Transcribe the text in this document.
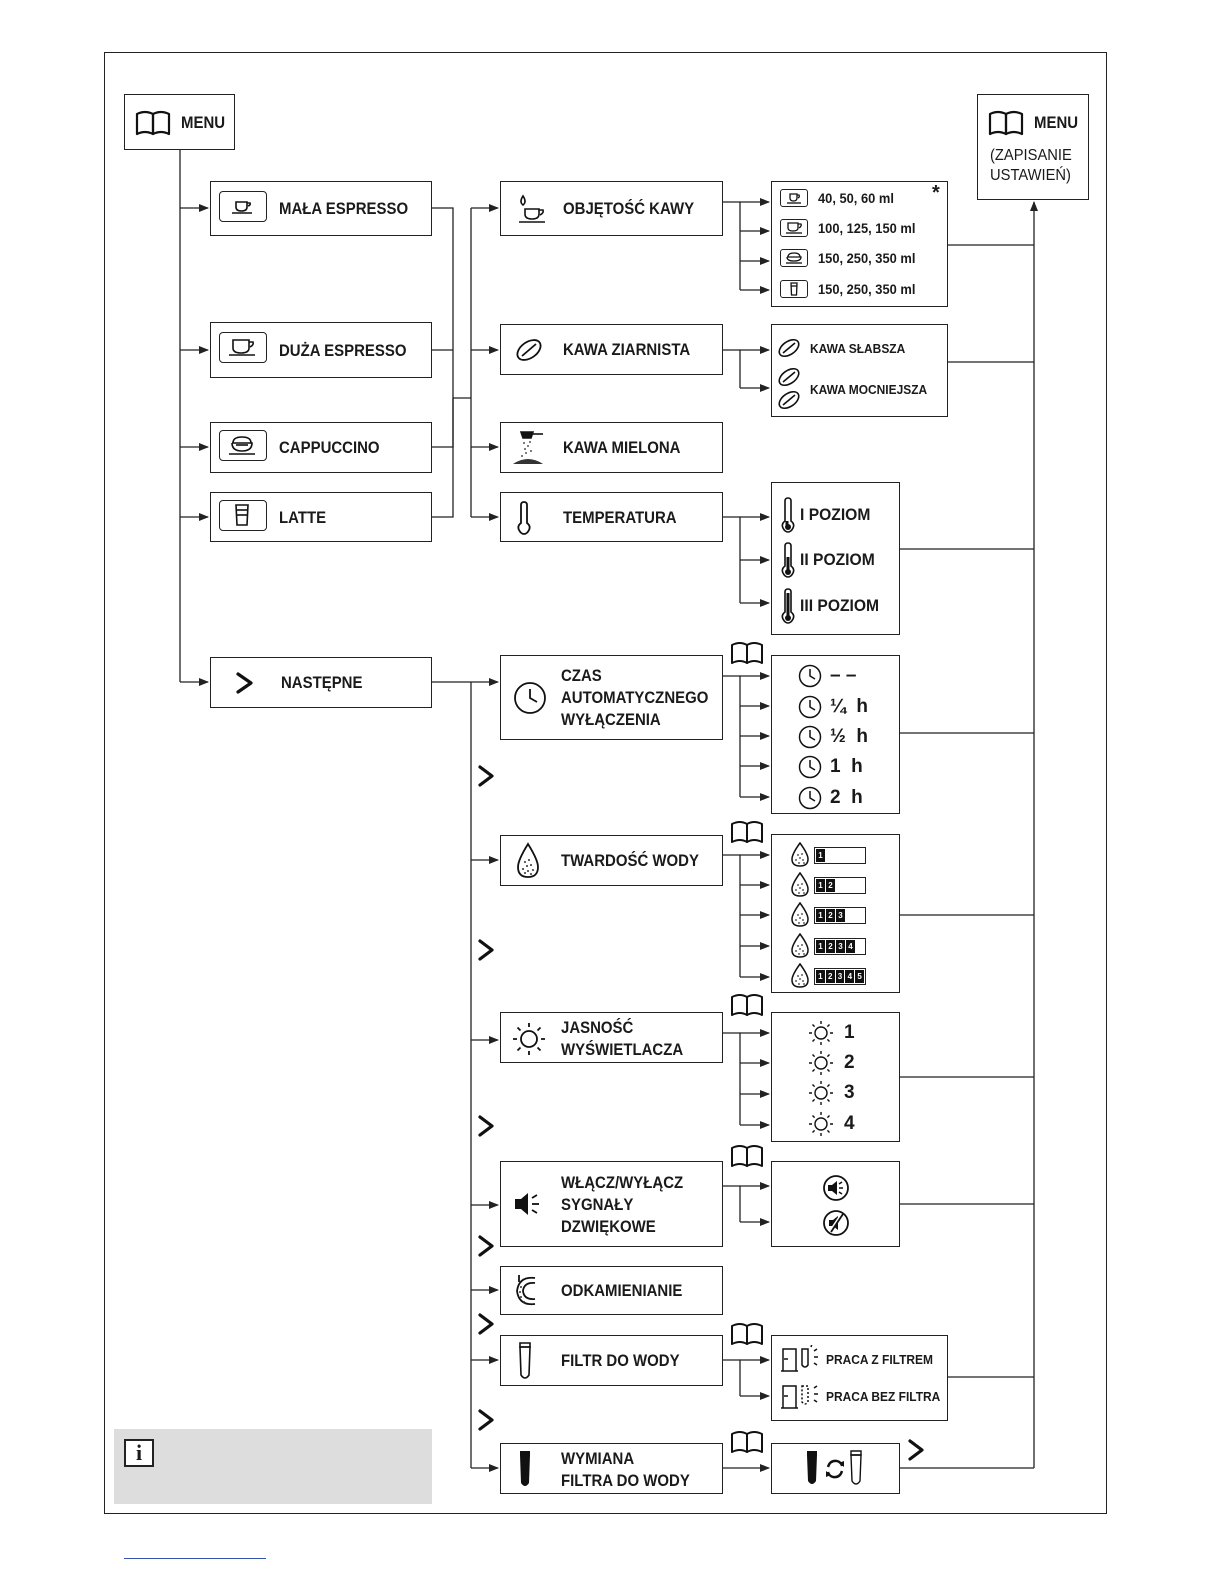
MENU	MENU
(ZAPISANIE
USTAWIEŃ)
MAŁA ESPRESSO
DUŻA ESPRESSO
CAPPUCCINO
LATTE
NASTĘPNE
OBJĘTOŚĆ KAWY
KAWA ZIARNISTA
KAWA MIELONA
TEMPERATURA
*
40, 50, 60 ml
100, 125, 150 ml
150, 250, 350 ml
150, 250, 350 ml
KAWA SŁABSZA
KAWA MOCNIEJSZA
I POZIOM
II POZIOM
III POZIOM
CZAS
AUTOMATYCZNEGO
WYŁĄCZENIA
TWARDOŚĆ WODY
JASNOŚĆ
WYŚWIETLACZA
WŁĄCZ/WYŁĄCZ
SYGNAŁY
DZWIĘKOWE
ODKAMIENIANIE
FILTR DO WODY
WYMIANA
FILTRA DO WODY
– –
¼  h
½  h
1  h
2  h
1
1 2
1 2 3
1 2 3 4
1 2 3 4 5
1
2
3
4
PRACA Z FILTREM
PRACA BEZ FILTRA
i
